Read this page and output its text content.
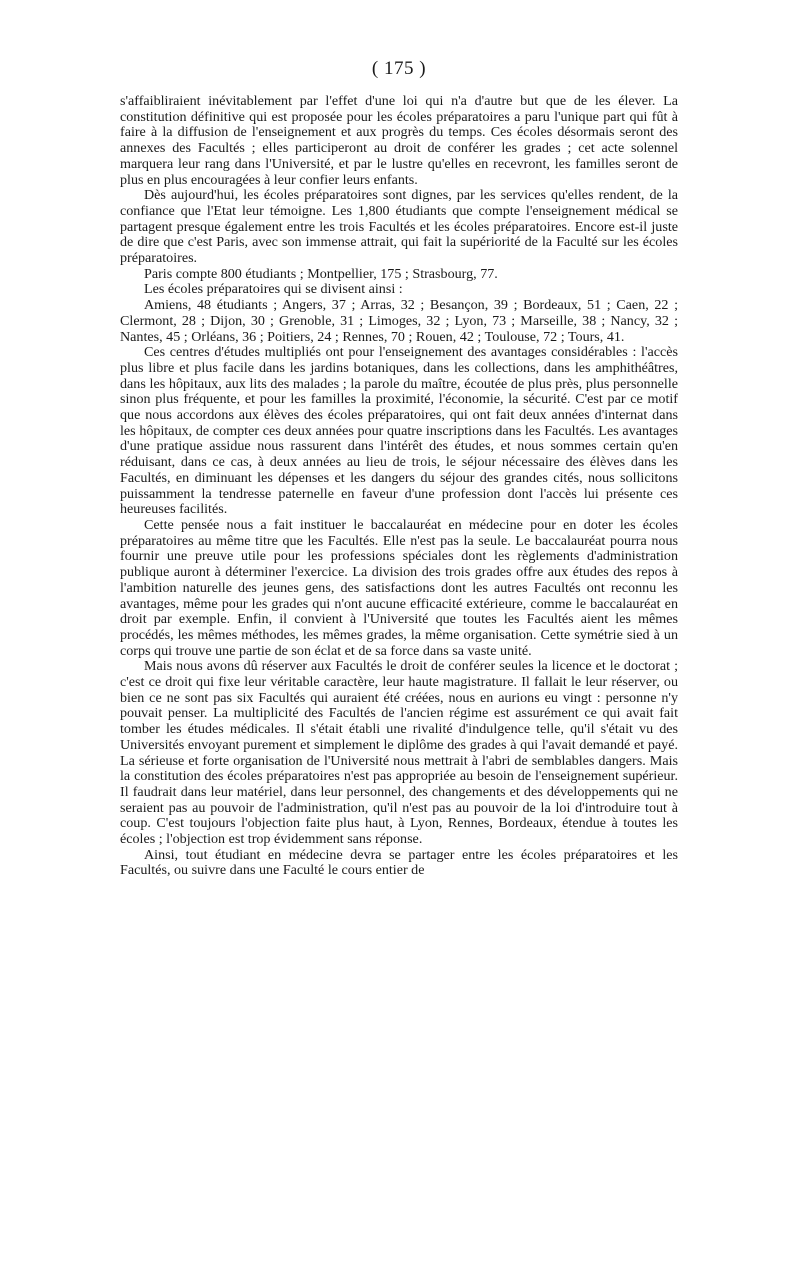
( 175 )

s'affaibliraient inévitablement par l'effet d'une loi qui n'a d'autre but que de les élever. La constitution définitive qui est proposée pour les écoles préparatoires a paru l'unique part qui fût à faire à la diffusion de l'enseignement et aux progrès du temps. Ces écoles désormais seront des annexes des Facultés ; elles participeront au droit de conférer les grades ; cet acte solennel marquera leur rang dans l'Université, et par le lustre qu'elles en recevront, les familles seront de plus en plus encouragées à leur confier leurs enfants.

Dès aujourd'hui, les écoles préparatoires sont dignes, par les services qu'elles rendent, de la confiance que l'Etat leur témoigne. Les 1,800 étudiants que compte l'enseignement médical se partagent presque également entre les trois Facultés et les écoles préparatoires. Encore est-il juste de dire que c'est Paris, avec son immense attrait, qui fait la supériorité de la Faculté sur les écoles préparatoires.

Paris compte 800 étudiants ; Montpellier, 175 ; Strasbourg, 77.

Les écoles préparatoires qui se divisent ainsi :

Amiens, 48 étudiants ; Angers, 37 ; Arras, 32 ; Besançon, 39 ; Bordeaux, 51 ; Caen, 22 ; Clermont, 28 ; Dijon, 30 ; Grenoble, 31 ; Limoges, 32 ; Lyon, 73 ; Marseille, 38 ; Nancy, 32 ; Nantes, 45 ; Orléans, 36 ; Poitiers, 24 ; Rennes, 70 ; Rouen, 42 ; Toulouse, 72 ; Tours, 41.

Ces centres d'études multipliés ont pour l'enseignement des avantages considérables : l'accès plus libre et plus facile dans les jardins botaniques, dans les collections, dans les amphithéâtres, dans les hôpitaux, aux lits des malades ; la parole du maître, écoutée de plus près, plus personnelle sinon plus fréquente, et pour les familles la proximité, l'économie, la sécurité. C'est par ce motif que nous accordons aux élèves des écoles préparatoires, qui ont fait deux années d'internat dans les hôpitaux, de compter ces deux années pour quatre inscriptions dans les Facultés. Les avantages d'une pratique assidue nous rassurent dans l'intérêt des études, et nous sommes certain qu'en réduisant, dans ce cas, à deux années au lieu de trois, le séjour nécessaire des élèves dans les Facultés, en diminuant les dépenses et les dangers du séjour des grandes cités, nous sollicitons puissamment la tendresse paternelle en faveur d'une profession dont l'accès lui présente ces heureuses facilités.

Cette pensée nous a fait instituer le baccalauréat en médecine pour en doter les écoles préparatoires au même titre que les Facultés. Elle n'est pas la seule. Le baccalauréat pourra nous fournir une preuve utile pour les professions spéciales dont les règlements d'administration publique auront à déterminer l'exercice. La division des trois grades offre aux études des repos à l'ambition naturelle des jeunes gens, des satisfactions dont les autres Facultés ont reconnu les avantages, même pour les grades qui n'ont aucune efficacité extérieure, comme le baccalauréat en droit par exemple. Enfin, il convient à l'Université que toutes les Facultés aient les mêmes procédés, les mêmes méthodes, les mêmes grades, la même organisation. Cette symétrie sied à un corps qui trouve une partie de son éclat et de sa force dans sa vaste unité.

Mais nous avons dû réserver aux Facultés le droit de conférer seules la licence et le doctorat ; c'est ce droit qui fixe leur véritable caractère, leur haute magistrature. Il fallait le leur réserver, ou bien ce ne sont pas six Facultés qui auraient été créées, nous en aurions eu vingt : personne n'y pouvait penser. La multiplicité des Facultés de l'ancien régime est assurément ce qui avait fait tomber les études médicales. Il s'était établi une rivalité d'indulgence telle, qu'il s'était vu des Universités envoyant purement et simplement le diplôme des grades à qui l'avait demandé et payé. La sérieuse et forte organisation de l'Université nous mettrait à l'abri de semblables dangers. Mais la constitution des écoles préparatoires n'est pas appropriée au besoin de l'enseignement supérieur. Il faudrait dans leur matériel, dans leur personnel, des changements et des développements qui ne seraient pas au pouvoir de l'administration, qu'il n'est pas au pouvoir de la loi d'introduire tout à coup. C'est toujours l'objection faite plus haut, à Lyon, Rennes, Bordeaux, étendue à toutes les écoles ; l'objection est trop évidemment sans réponse.

Ainsi, tout étudiant en médecine devra se partager entre les écoles préparatoires et les Facultés, ou suivre dans une Faculté le cours entier de
